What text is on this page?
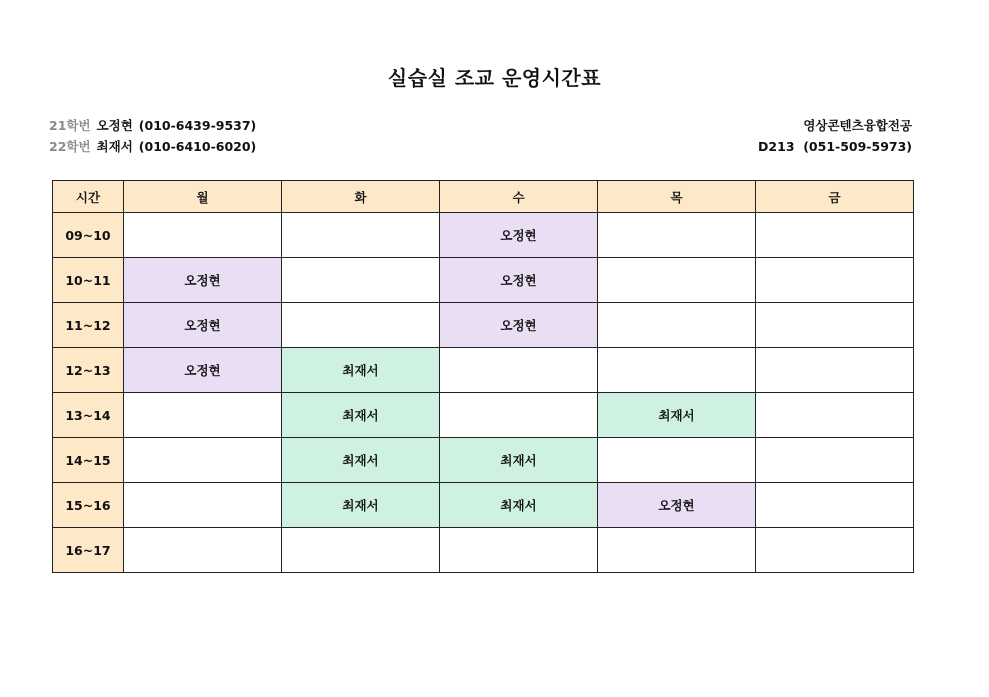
실습실 조교 운영시간표
21학번 오정현 (010-6439-9537)
22학번 최재서 (010-6410-6020)
영상콘텐츠융합전공
D213  (051-509-5973)
시간	월	화	수	목	금
09~10			오정현		
10~11	오정현		오정현		
11~12	오정현		오정현		
12~13	오정현	최재서			
13~14		최재서		최재서	
14~15		최재서	최재서		
15~16		최재서	최재서	오정현	
16~17					
